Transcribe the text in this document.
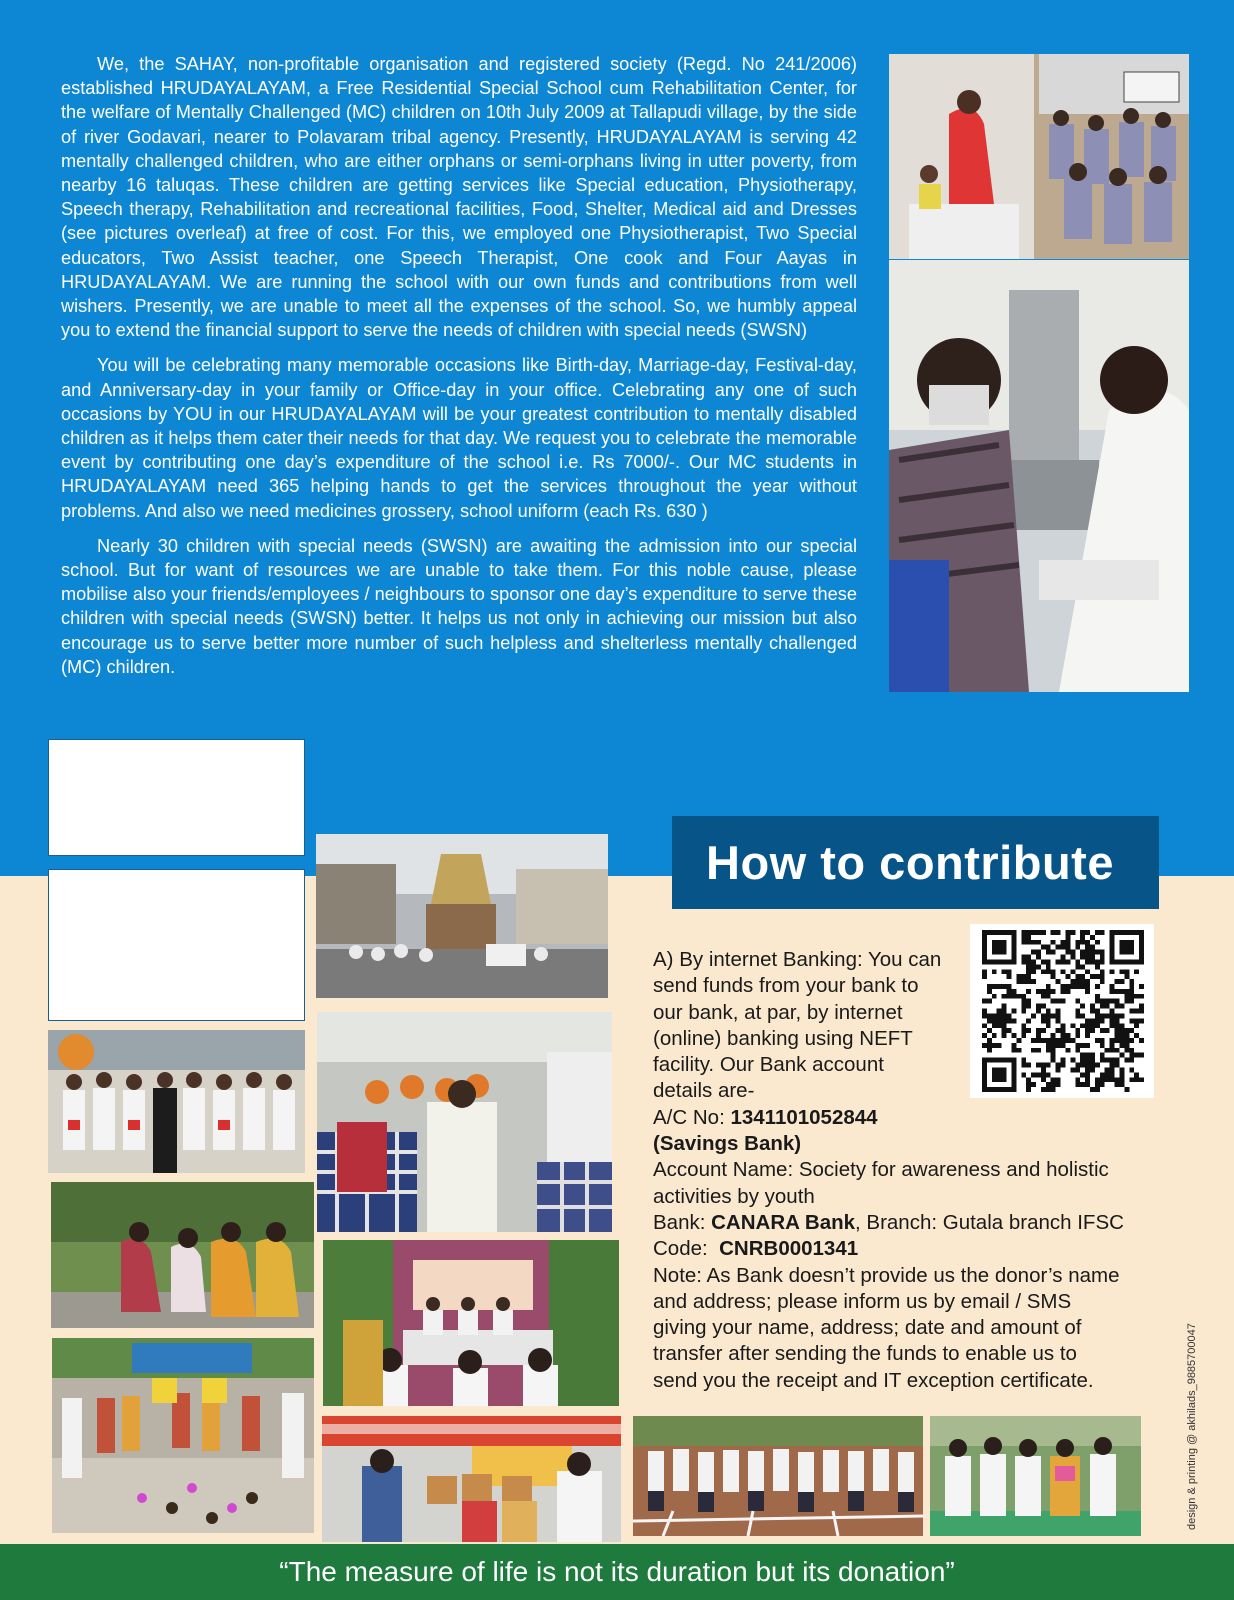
We, the SAHAY, non-profitable organisation and registered society (Regd. No 241/2006) established HRUDAYALAYAM, a Free Residential Special School cum Rehabilitation Center, for the welfare of Mentally Challenged (MC) children on 10th July 2009 at Tallapudi village, by the side of river Godavari, nearer to Polavaram tribal agency. Presently, HRUDAYALAYAM is serving 42 mentally challenged children, who are either orphans or semi-orphans living in utter poverty, from nearby 16 taluqas. These children are getting services like Special education, Physiotherapy, Speech therapy, Rehabilitation and recreational facilities, Food, Shelter, Medical aid and Dresses (see pictures overleaf) at free of cost. For this, we employed one Physiotherapist, Two Special educators, Two Assist teacher, one Speech Therapist, One cook and Four Aayas in HRUDAYALAYAM. We are running the school with our own funds and contributions from well wishers. Presently, we are unable to meet all the expenses of the school. So, we humbly appeal you to extend the financial support to serve the needs of children with special needs (SWSN)

You will be celebrating many memorable occasions like Birth-day, Marriage-day, Festival-day, and Anniversary-day in your family or Office-day in your office. Celebrating any one of such occasions by YOU in our HRUDAYALAYAM will be your greatest contribution to mentally disabled children as it helps them cater their needs for that day. We request you to celebrate the memorable event by contributing one day’s expenditure of the school i.e. Rs 7000/-. Our MC students in HRUDAYALAYAM need 365 helping hands to get the services throughout the year without problems. And also we need medicines grossery, school uniform (each Rs. 630 )

Nearly 30 children with special needs (SWSN) are awaiting the admission into our special school. But for want of resources we are unable to take them. For this noble cause, please mobilise also your friends/employees / neighbours to sponsor one day’s expenditure to serve these children with special needs (SWSN) better. It helps us not only in achieving our mission but also encourage us to serve better more number of such helpless and shelterless mentally challenged (MC) children.

How to contribute
A) By internet Banking: You can
send funds from your bank to
our bank, at par, by internet
(online) banking using NEFT
facility. Our Bank account
details are-
A/C No: 1341101052844
(Savings Bank)
Account Name: Society for awareness and holistic
activities by youth
Bank: CANARA Bank, Branch: Gutala branch IFSC
Code:  CNRB0001341
Note: As Bank doesn’t provide us the donor’s name
and address; please inform us by email / SMS
giving your name, address; date and amount of
transfer after sending the funds to enable us to
send you the receipt and IT exception certificate.	design & printing @ akhilads_9885700047
“The measure of life is not its duration but its donation”
